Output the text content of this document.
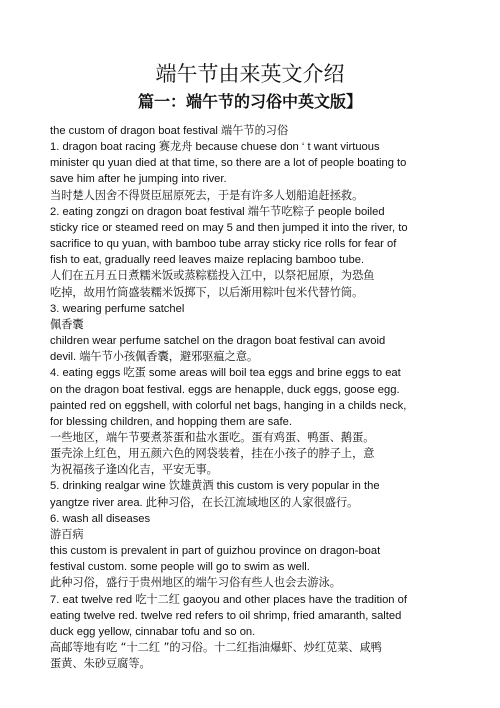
端午节由来英文介绍
篇一：端午节的习俗中英文版】
the custom of dragon boat festival 端午节的习俗
1. dragon boat racing 赛龙舟 because chuese don ‘ t want virtuous
minister qu yuan died at that time, so there are a lot of people boating to
save him after he jumping into river.
当时楚人因舍不得贤臣屈原死去，于是有许多人划船追赶拯救。
2. eating zongzi on dragon boat festival 端午节吃粽子 people boiled
sticky rice or steamed reed on may 5 and then jumped it into the river, to
sacrifice to qu yuan, with bamboo tube array sticky rice rolls for fear of
fish to eat, gradually reed leaves maize replacing bamboo tube.
人们在五月五日煮糯米饭或蒸粽糕投入江中，以祭祀屈原，为恐鱼
吃掉，故用竹筒盛装糯米饭掷下，以后渐用粽叶包米代替竹筒。
3. wearing perfume satchel
佩香囊
children wear perfume satchel on the dragon boat festival can avoid
devil. 端午节小孩佩香囊，避邪驱瘟之意。
4. eating eggs 吃蛋 some areas will boil tea eggs and brine eggs to eat
on the dragon boat festival. eggs are henapple, duck eggs, goose egg.
painted red on eggshell, with colorful net bags, hanging in a childs neck,
for blessing children, and hopping them are safe.
一些地区，端午节要煮茶蛋和盐水蛋吃。蛋有鸡蛋、鸭蛋、鹅蛋。
蛋壳涂上红色，用五颜六色的网袋装着，挂在小孩子的脖子上，意
为祝福孩子逢凶化吉，平安无事。
5. drinking realgar wine 饮雄黄酒 this custom is very popular in the
yangtze river area. 此种习俗，在长江流域地区的人家很盛行。
6. wash all diseases
游百病
this custom is prevalent in part of guizhou province on dragon-boat
festival custom. some people will go to swim as well.
此种习俗，盛行于贵州地区的端午习俗有些人也会去游泳。
7. eat twelve red 吃十二红 gaoyou and other places have the tradition of
eating twelve red. twelve red refers to oil shrimp, fried amaranth, salted
duck egg yellow, cinnabar tofu and so on.
高邮等地有吃 “十二红 ”的习俗。十二红指油爆虾、炒红苋菜、咸鸭
蛋黄、朱砂豆腐等。
